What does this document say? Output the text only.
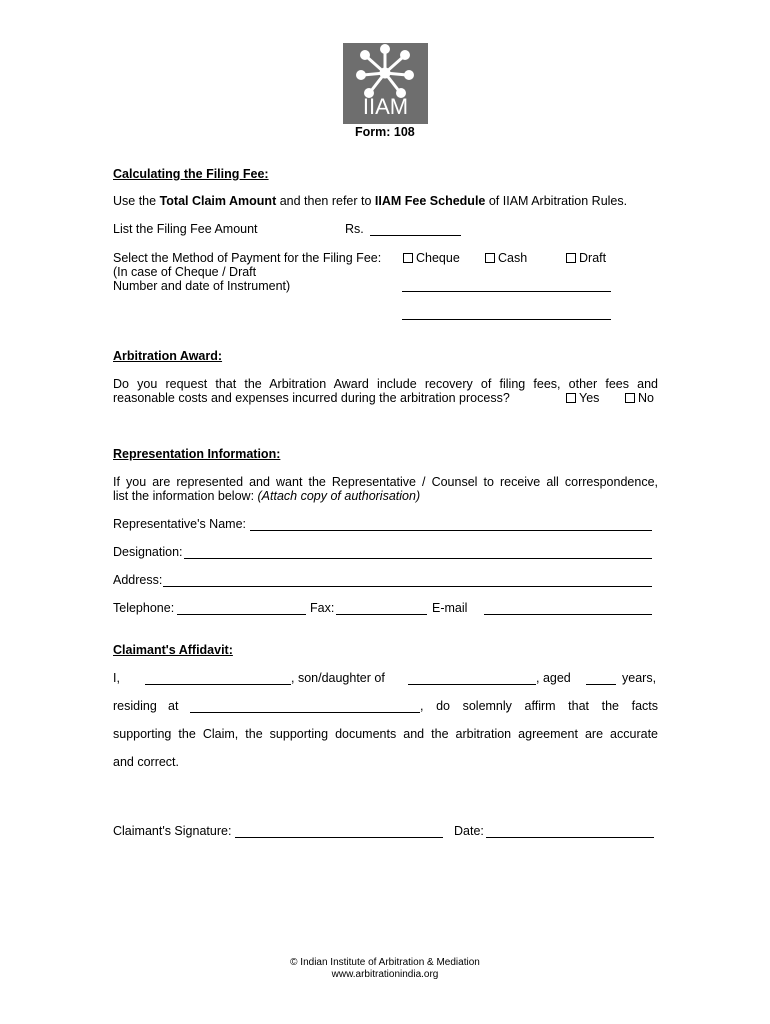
IIAM
Form: 108
Calculating the Filing Fee:
Use the Total Claim Amount and then refer to IIAM Fee Schedule of IIAM Arbitration Rules.
List the Filing Fee Amount	Rs.
Select the Method of Payment for the Filing Fee:
(In case of Cheque / Draft
Number and date of Instrument)
Cheque	Cash	Draft
Arbitration Award:
Do you request that the Arbitration Award include recovery of filing fees, other fees and
reasonable costs and expenses incurred during the arbitration process?	Yes	No
Representation Information:
If you are represented and want the Representative / Counsel to receive all correspondence,
list the information below: (Attach copy of authorisation)
Representative's Name:
Designation:
Address:
Telephone:	Fax:	E-mail
Claimant's Affidavit:
I,	, son/daughter of	, aged	years,
residing at	, do solemnly affirm that the facts
supporting the Claim, the supporting documents and the arbitration agreement are accurate
and correct.
Claimant's Signature:	Date:
© Indian Institute of Arbitration & Mediation
www.arbitrationindia.org
